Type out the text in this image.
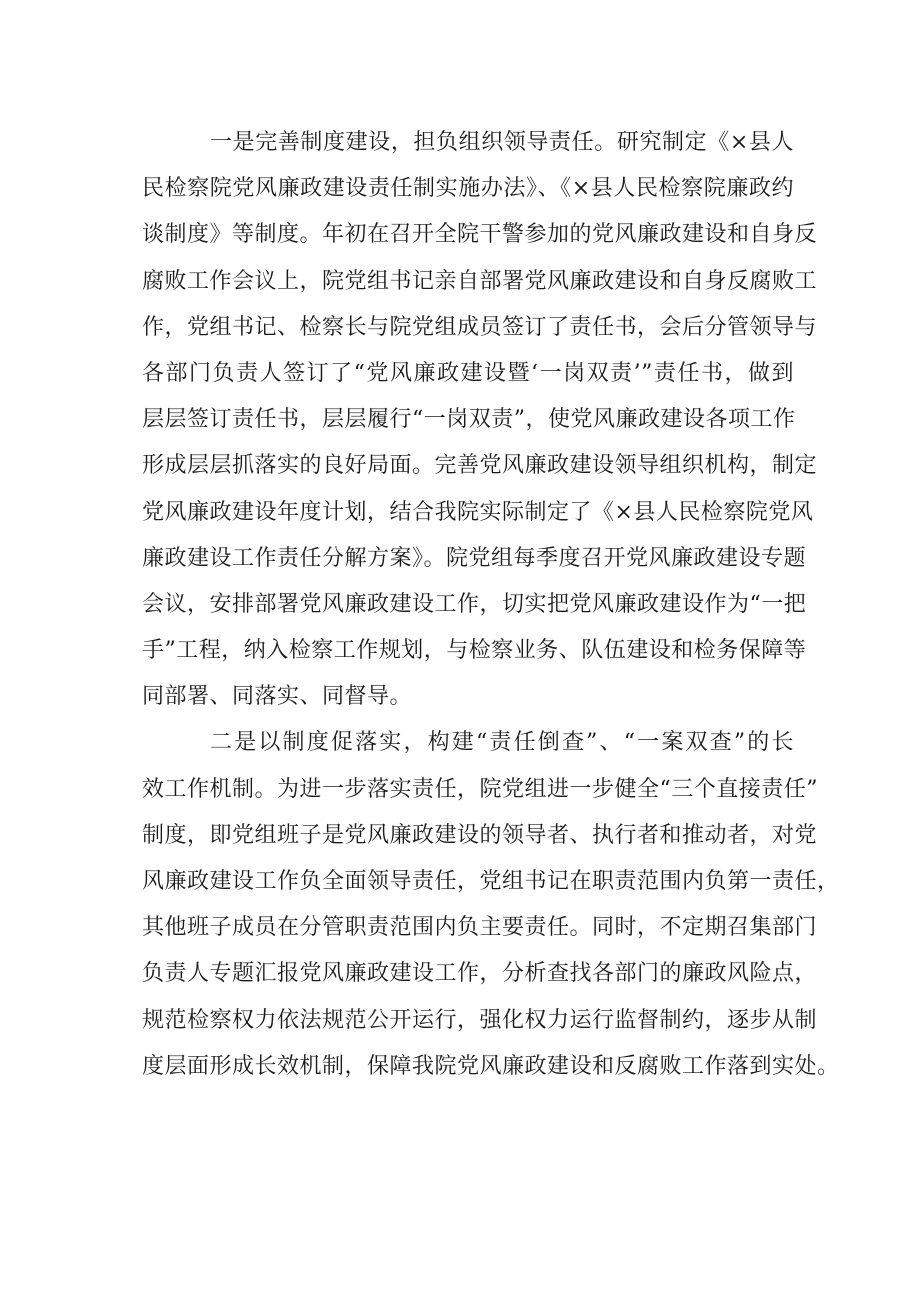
一是完善制度建设，担负组织领导责任。研究制定《×县人
民检察院党风廉政建设责任制实施办法》、《×县人民检察院廉政约
谈制度》等制度。年初在召开全院干警参加的党风廉政建设和自身反
腐败工作会议上，院党组书记亲自部署党风廉政建设和自身反腐败工
作，党组书记、检察长与院党组成员签订了责任书，会后分管领导与
各部门负责人签订了“党风廉政建设暨‘一岗双责’”责任书，做到
层层签订责任书，层层履行“一岗双责”，使党风廉政建设各项工作
形成层层抓落实的良好局面。完善党风廉政建设领导组织机构，制定
党风廉政建设年度计划，结合我院实际制定了《×县人民检察院党风
廉政建设工作责任分解方案》。院党组每季度召开党风廉政建设专题
会议，安排部署党风廉政建设工作，切实把党风廉政建设作为“一把
手”工程，纳入检察工作规划，与检察业务、队伍建设和检务保障等
同部署、同落实、同督导。
二是以制度促落实，构建“责任倒查”、“一案双查”的长
效工作机制。为进一步落实责任，院党组进一步健全“三个直接责任”
制度，即党组班子是党风廉政建设的领导者、执行者和推动者，对党
风廉政建设工作负全面领导责任，党组书记在职责范围内负第一责任，
其他班子成员在分管职责范围内负主要责任。同时，不定期召集部门
负责人专题汇报党风廉政建设工作，分析查找各部门的廉政风险点，
规范检察权力依法规范公开运行，强化权力运行监督制约，逐步从制
度层面形成长效机制，保障我院党风廉政建设和反腐败工作落到实处。
